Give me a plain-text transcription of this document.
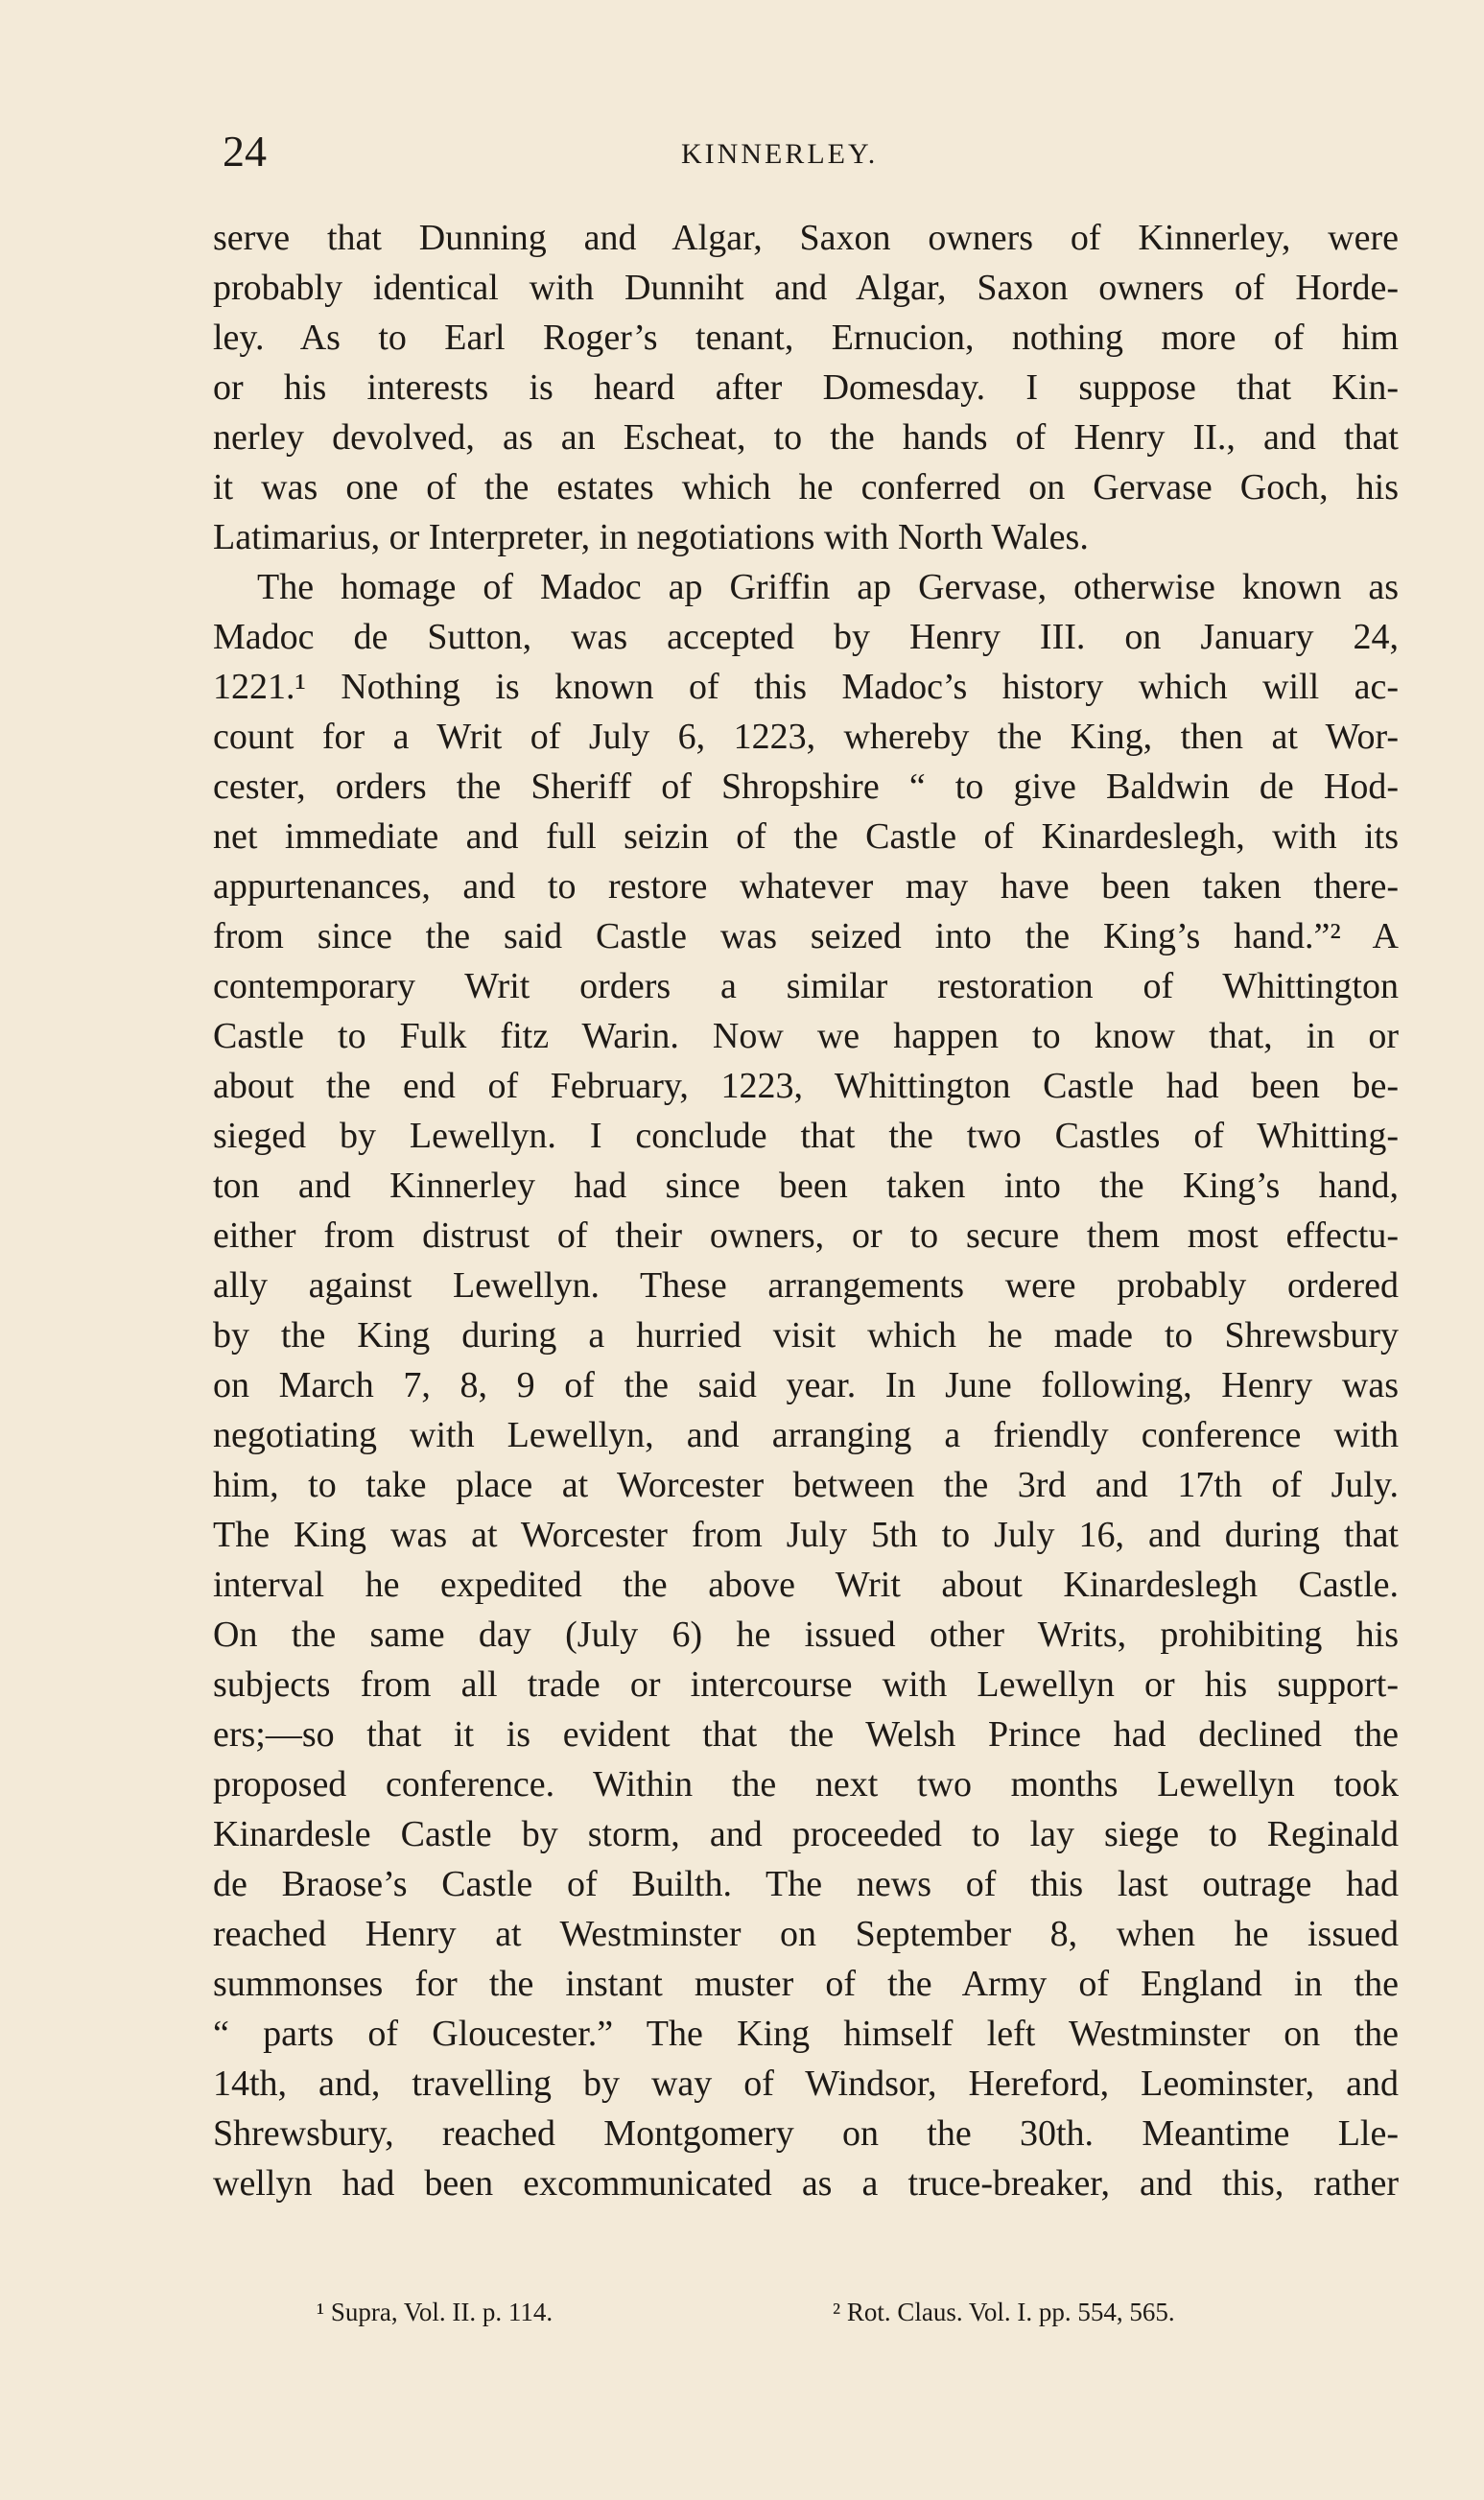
24	KINNERLEY.
serve that Dunning and Algar, Saxon owners of Kinnerley, were
probably identical with Dunniht and Algar, Saxon owners of Horde-
ley. As to Earl Roger’s tenant, Ernucion, nothing more of him
or his interests is heard after Domesday. I suppose that Kin-
nerley devolved, as an Escheat, to the hands of Henry II., and that
it was one of the estates which he conferred on Gervase Goch, his
Latimarius, or Interpreter, in negotiations with North Wales.
The homage of Madoc ap Griffin ap Gervase, otherwise known as
Madoc de Sutton, was accepted by Henry III. on January 24,
1221.¹ Nothing is known of this Madoc’s history which will ac-
count for a Writ of July 6, 1223, whereby the King, then at Wor-
cester, orders the Sheriff of Shropshire “ to give Baldwin de Hod-
net immediate and full seizin of the Castle of Kinardeslegh, with its
appurtenances, and to restore whatever may have been taken there-
from since the said Castle was seized into the King’s hand.”² A
contemporary Writ orders a similar restoration of Whittington
Castle to Fulk fitz Warin. Now we happen to know that, in or
about the end of February, 1223, Whittington Castle had been be-
sieged by Lewellyn. I conclude that the two Castles of Whitting-
ton and Kinnerley had since been taken into the King’s hand,
either from distrust of their owners, or to secure them most effectu-
ally against Lewellyn. These arrangements were probably ordered
by the King during a hurried visit which he made to Shrewsbury
on March 7, 8, 9 of the said year. In June following, Henry was
negotiating with Lewellyn, and arranging a friendly conference with
him, to take place at Worcester between the 3rd and 17th of July.
The King was at Worcester from July 5th to July 16, and during that
interval he expedited the above Writ about Kinardeslegh Castle.
On the same day (July 6) he issued other Writs, prohibiting his
subjects from all trade or intercourse with Lewellyn or his support-
ers;—so that it is evident that the Welsh Prince had declined the
proposed conference. Within the next two months Lewellyn took
Kinardesle Castle by storm, and proceeded to lay siege to Reginald
de Braose’s Castle of Builth. The news of this last outrage had
reached Henry at Westminster on September 8, when he issued
summonses for the instant muster of the Army of England in the
“ parts of Gloucester.” The King himself left Westminster on the
14th, and, travelling by way of Windsor, Hereford, Leominster, and
Shrewsbury, reached Montgomery on the 30th. Meantime Lle-
wellyn had been excommunicated as a truce-breaker, and this, rather
¹ Supra, Vol. II. p. 114.	² Rot. Claus. Vol. I. pp. 554, 565.
